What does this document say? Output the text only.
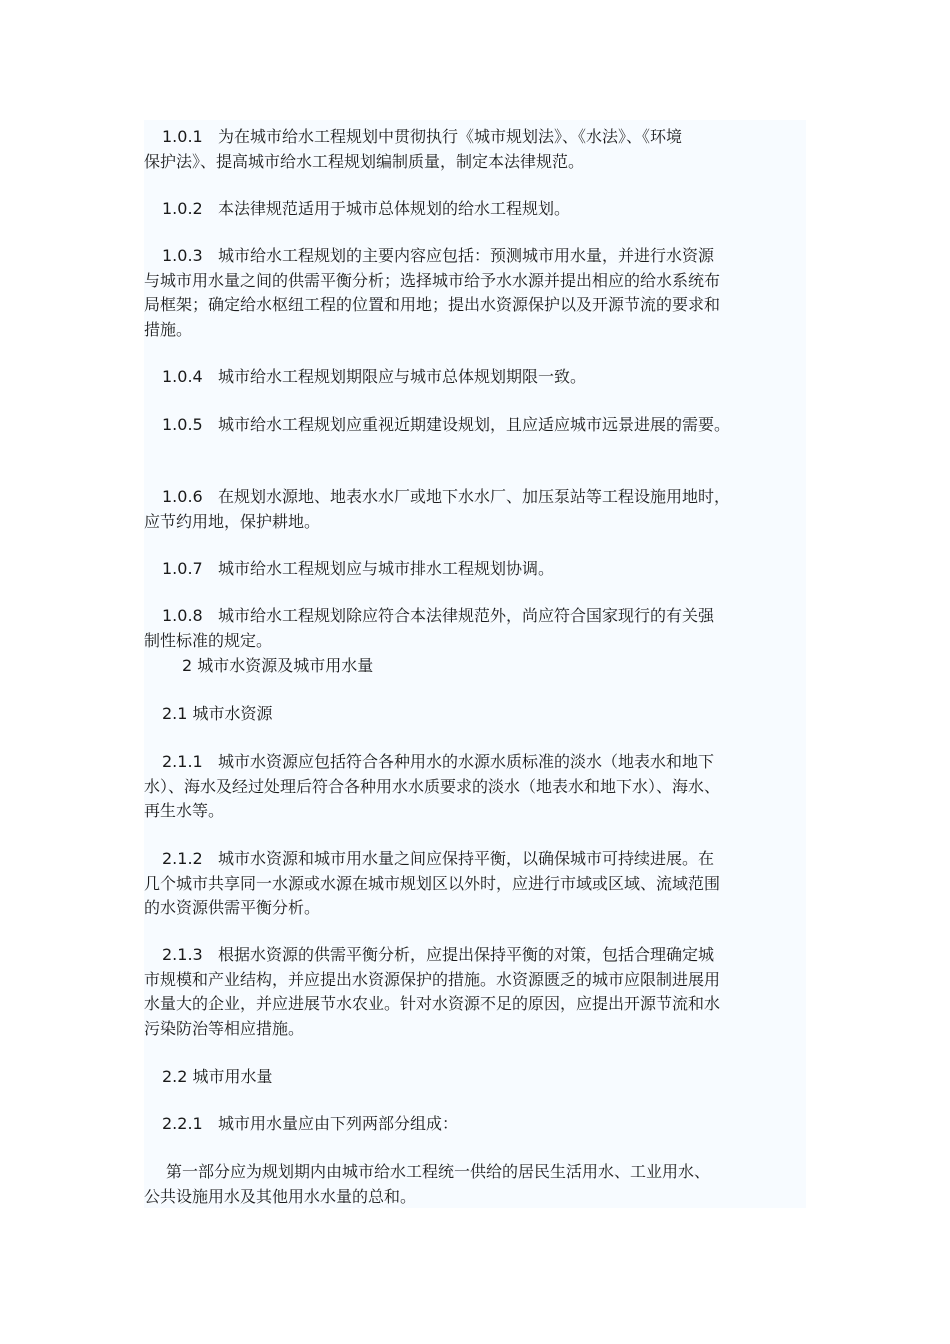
1.0.1 为在城市给水工程规划中贯彻执行《城市规划法》、《水法》、《环境
保护法》、提高城市给水工程规划编制质量，制定本法律规范。
1.0.2 本法律规范适用于城市总体规划的给水工程规划。
1.0.3 城市给水工程规划的主要内容应包括：预测城市用水量，并进行水资源
与城市用水量之间的供需平衡分析；选择城市给予水水源并提出相应的给水系统布
局框架；确定给水枢纽工程的位置和用地；提出水资源保护以及开源节流的要求和
措施。
1.0.4 城市给水工程规划期限应与城市总体规划期限一致。
1.0.5 城市给水工程规划应重视近期建设规划，且应适应城市远景进展的需要。
1.0.6 在规划水源地、地表水水厂或地下水水厂、加压泵站等工程设施用地时，
应节约用地，保护耕地。
1.0.7 城市给水工程规划应与城市排水工程规划协调。
1.0.8 城市给水工程规划除应符合本法律规范外，尚应符合国家现行的有关强
制性标准的规定。
2 城市水资源及城市用水量
2.1 城市水资源
2.1.1 城市水资源应包括符合各种用水的水源水质标准的淡水（地表水和地下
水）、海水及经过处理后符合各种用水水质要求的淡水（地表水和地下水）、海水、
再生水等。
2.1.2 城市水资源和城市用水量之间应保持平衡，以确保城市可持续进展。在
几个城市共享同一水源或水源在城市规划区以外时，应进行市域或区域、流域范围
的水资源供需平衡分析。
2.1.3 根据水资源的供需平衡分析，应提出保持平衡的对策，包括合理确定城
市规模和产业结构，并应提出水资源保护的措施。水资源匮乏的城市应限制进展用
水量大的企业，并应进展节水农业。针对水资源不足的原因，应提出开源节流和水
污染防治等相应措施。
2.2 城市用水量
2.2.1 城市用水量应由下列两部分组成：
第一部分应为规划期内由城市给水工程统一供给的居民生活用水、工业用水、
公共设施用水及其他用水水量的总和。
